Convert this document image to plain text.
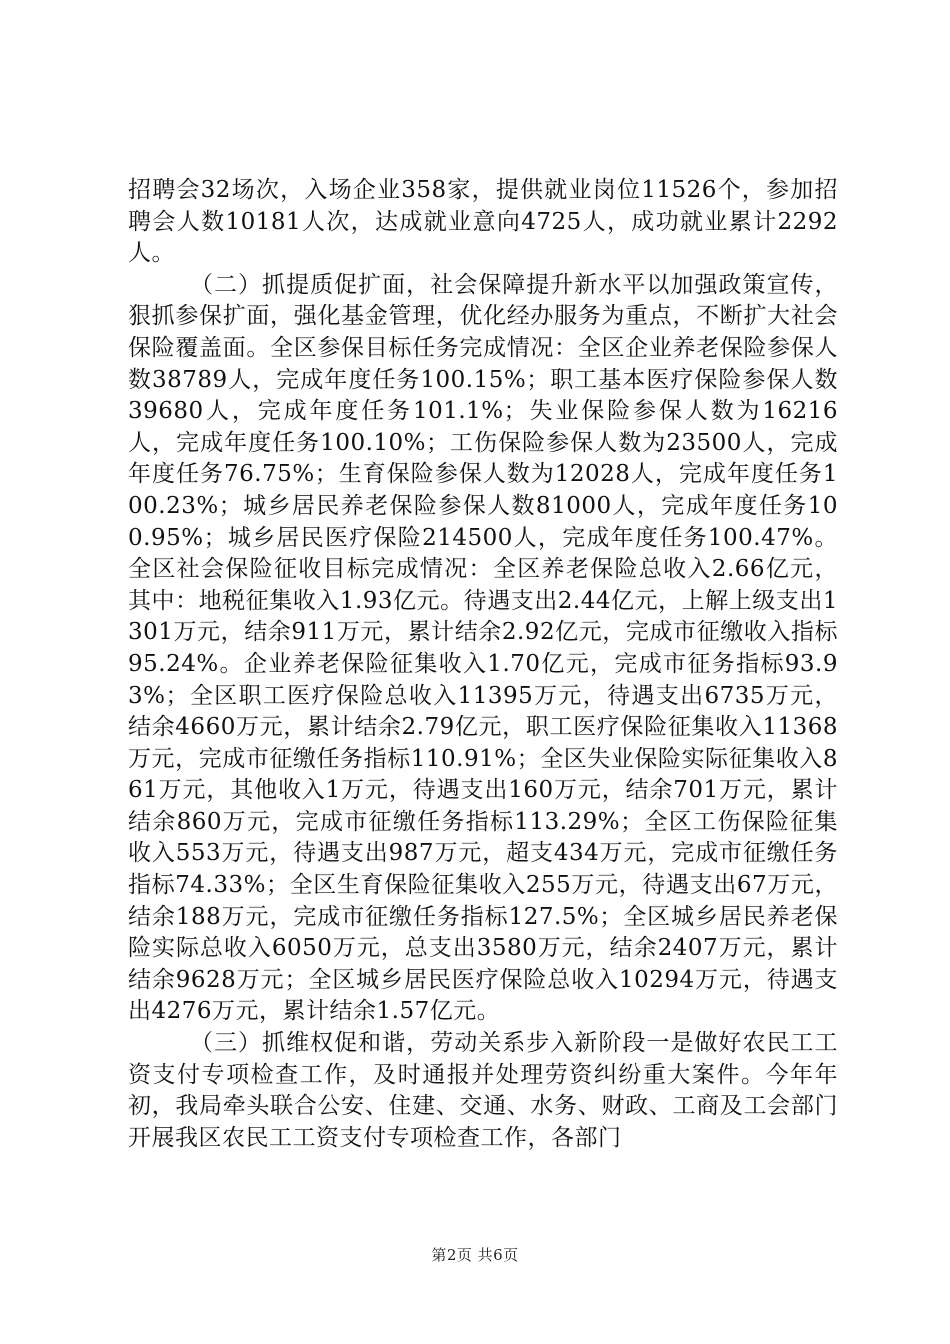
招聘会32场次，入场企业358家，提供就业岗位11526个，参加招聘会人数10181人次，达成就业意向4725人，成功就业累计2292人。

（二）抓提质促扩面，社会保障提升新水平以加强政策宣传，狠抓参保扩面，强化基金管理，优化经办服务为重点，不断扩大社会保险覆盖面。全区参保目标任务完成情况：全区企业养老保险参保人数38789人，完成年度任务100.15%；职工基本医疗保险参保人数39680人，完成年度任务101.1%；失业保险参保人数为16216人，完成年度任务100.10%；工伤保险参保人数为23500人，完成年度任务76.75%；生育保险参保人数为12028人，完成年度任务100.23%；城乡居民养老保险参保人数81000人，完成年度任务100.95%；城乡居民医疗保险214500人，完成年度任务100.47%。全区社会保险征收目标完成情况：全区养老保险总收入2.66亿元，其中：地税征集收入1.93亿元。待遇支出2.44亿元，上解上级支出1301万元，结余911万元，累计结余2.92亿元，完成市征缴收入指标95.24%。企业养老保险征集收入1.70亿元，完成市征务指标93.93%；全区职工医疗保险总收入11395万元，待遇支出6735万元，结余4660万元，累计结余2.79亿元，职工医疗保险征集收入11368万元，完成市征缴任务指标110.91%；全区失业保险实际征集收入861万元，其他收入1万元，待遇支出160万元，结余701万元，累计结余860万元，完成市征缴任务指标113.29%；全区工伤保险征集收入553万元，待遇支出987万元，超支434万元，完成市征缴任务指标74.33%；全区生育保险征集收入255万元，待遇支出67万元，结余188万元，完成市征缴任务指标127.5%；全区城乡居民养老保险实际总收入6050万元，总支出3580万元，结余2407万元，累计结余9628万元；全区城乡居民医疗保险总收入10294万元，待遇支出4276万元，累计结余1.57亿元。

（三）抓维权促和谐，劳动关系步入新阶段一是做好农民工工资支付专项检查工作，及时通报并处理劳资纠纷重大案件。今年年初，我局牵头联合公安、住建、交通、水务、财政、工商及工会部门开展我区农民工工资支付专项检查工作，各部门

第2页 共6页
